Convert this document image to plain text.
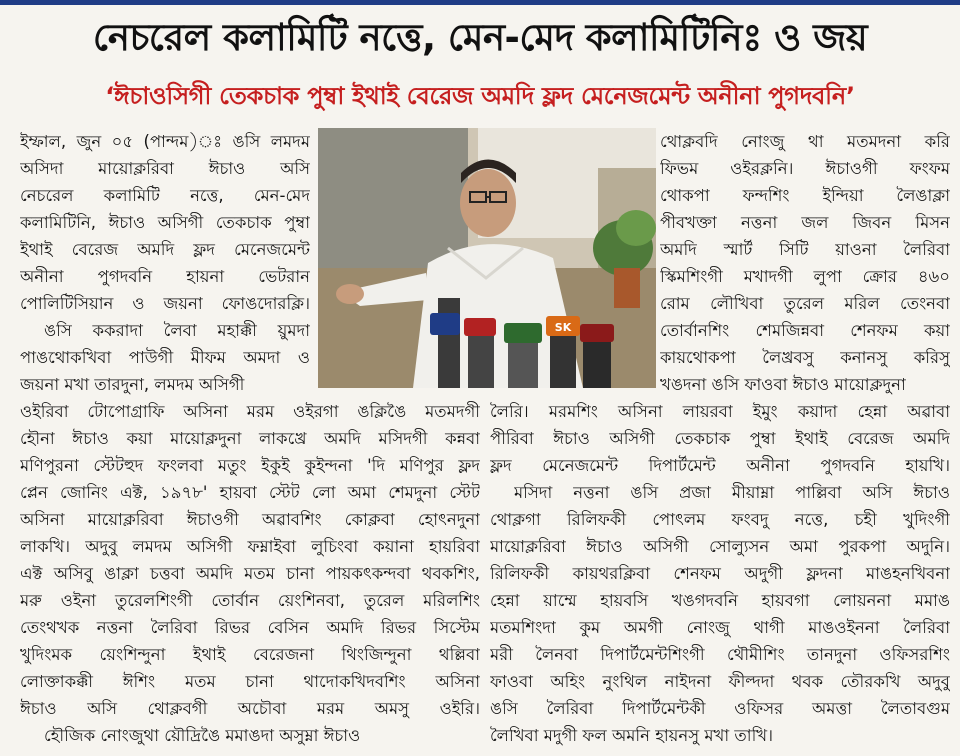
নেচরেল কলামিটি নত্তে, মেন-মেদ কলামিটিনিঃ ও জয়
‘ঈচাওসিগী তেকচাক পুম্বা ইথাই বেরেজ অমদি ফ্লদ মেনেজমেন্ট অনীনা পুগদবনি’
SK
ইম্ফাল, জুন ০৫ (পান্দম)ঃ ঙসি লমদম
অসিদা মায়োক্লরিবা ঈচাও অসি
নেচরেল কলামিটি নত্তে, মেন-মেদ
কলামিটিনি, ঈচাও অসিগী তেকচাক পুম্বা
ইথাই বেরেজ অমদি ফ্লদ মেনেজমেন্ট
অনীনা পুগদবনি হায়না ভেটরান
পোলিটিসিয়ান ও জয়না ফোঙদোরক্লি।
ঙসি ককরাদা লৈবা মহাক্কী য়ুমদা
পাঙথোকখিবা পাউগী মীফম অমদা ও
জয়না মখা তারদুনা, লমদম অসিগী
থোক্লবদি নোংজু থা মতমদনা করি
ফিভম ওইরক্লনি। ঈচাওগী ফংফম
থোকপা ফন্দশিং ইন্দিয়া লৈঙাক্লা
পীবখক্তা নত্তনা জল জিবন মিসন
অমদি স্মার্ট সিটি য়াওনা লৈরিবা
স্কিমশিংগী মখাদগী লুপা ক্রোর ৪৬০
রোম লৌখিবা তুরেল মরিল তেংনবা
তোর্বানশিং শেমজিন্নবা শেনফম কয়া
কায়থোকপা লৈখ্রবসু কনানসু করিসু
খঙদনা ঙসি ফাওবা ঈচাও মায়োক্লদুনা
ওইরিবা টোপোগ্রাফি অসিনা মরম ওইরগা ঙক্লিঙৈ মতমদগী
হৌনা ঈচাও কয়া মায়োক্লদুনা লাকখ্রে অমদি মসিদগী কন্নবা
মণিপুরনা স্টেটহুদ ফংলবা মতুং ইকুই কুইন্দনা 'দি মণিপুর ফ্লদ
প্লেন জোনিং এক্ট, ১৯৭৮' হায়বা স্টেট লো অমা শেমদুনা স্টেট
অসিনা মায়োক্লরিবা ঈচাওগী অৱাবশিং কোক্লবা হোৎনদুনা
লাকখি। অদুবু লমদম অসিগী ফম্নাইবা লুচিংবা কয়ানা হায়রিবা
এক্ট অসিবু ঙাক্লা চত্তবা অমদি মতম চানা পায়কৎকন্দবা থবকশিং,
মরু ওইনা তুরেলশিংগী তোর্বান য়েংশিনবা, তুরেল মরিলশিং
তেংথখক নত্তনা লৈরিবা রিভর বেসিন অমদি রিভর সিস্টেম
খুদিংমক য়েংশিন্দুনা ইথাই বেরেজনা থিংজিন্দুনা থল্লিবা
লোক্তাকক্কী ঈশিং মতম চানা থাদোকখিদবশিং অসিনা
ঈচাও অসি থোক্লবগী অচৌবা মরম অমসু ওইরি।
হৌজিক নোংজুথা য়ৌদ্রিঙৈ মমাঙদা অসুম্না ঈচাও
লৈরি। মরমশিং অসিনা লায়রবা ইমুং কয়াদা হেন্না অৱাবা
পীরিবা ঈচাও অসিগী তেকচাক পুম্বা ইথাই বেরেজ অমদি
ফ্লদ মেনেজমেন্ট দিপার্টমেন্ট অনীনা পুগদবনি হায়খি।
মসিদা নত্তনা ঙসি প্রজা মীয়াম্না পাল্লিবা অসি ঈচাও
থোক্লগা রিলিফকী পোৎলম ফংবদু নত্তে, চহী খুদিংগী
মায়োক্লরিবা ঈচাও অসিগী সোল্যুসন অমা পুরকপা অদুনি।
রিলিফকী কায়থরক্লিবা শেনফম অদুগী ফ্লদনা মাঙহনখিবনা
হেন্না য়াম্মে হায়বসি খঙগদবনি হায়বগা লোয়ননা মমাঙ
মতমশিংদা কুম অমগী নোংজু থাগী মাঙওইননা লৈরিবা
মরী লৈনবা দিপার্টমেন্টশিংগী থৌমীশিং তানদুনা ওফিসরশিং
ফাওবা অহিং নুংথিল নাইদনা ফীল্দদা থবক তৌরকখি অদুবু
ঙসি লৈরিবা দিপার্টমেন্টকী ওফিসর অমত্তা লৈতাবগুম
লৈখিবা মদুগী ফল অমনি হায়নসু মখা তাখি।
